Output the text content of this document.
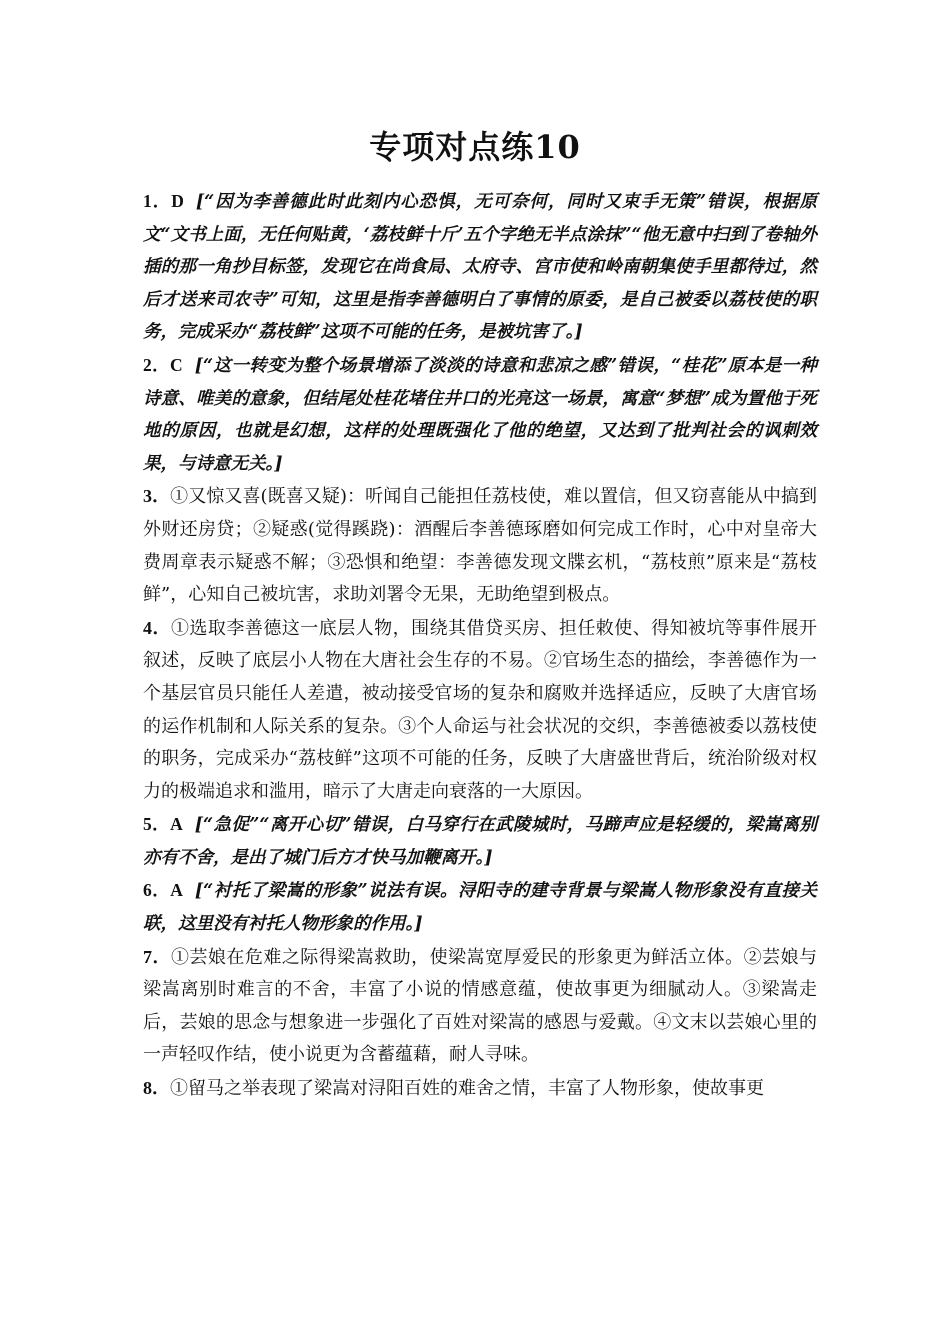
专项对点练10

1．D [“因为李善德此时此刻内心恐惧，无可奈何，同时又束手无策”错误，根据原文“文书上面，无任何贴黄，‘荔枝鲜十斤’五个字绝无半点涂抹”“他无意中扫到了卷轴外插的那一角抄目标签，发现它在尚食局、太府寺、宫市使和岭南朝集使手里都待过，然后才送来司农寺”可知，这里是指李善德明白了事情的原委，是自己被委以荔枝使的职务，完成采办“荔枝鲜”这项不可能的任务，是被坑害了。]

2．C [“这一转变为整个场景增添了淡淡的诗意和悲凉之感”错误，“桂花”原本是一种诗意、唯美的意象，但结尾处桂花堵住井口的光亮这一场景，寓意“梦想”成为置他于死地的原因，也就是幻想，这样的处理既强化了他的绝望，又达到了批判社会的讽刺效果，与诗意无关。]

3．①又惊又喜(既喜又疑)：听闻自己能担任荔枝使，难以置信，但又窃喜能从中搞到外财还房贷；②疑惑(觉得蹊跷)：酒醒后李善德琢磨如何完成工作时，心中对皇帝大费周章表示疑惑不解；③恐惧和绝望：李善德发现文牒玄机，“荔枝煎”原来是“荔枝鲜”，心知自己被坑害，求助刘署令无果，无助绝望到极点。

4．①选取李善德这一底层人物，围绕其借贷买房、担任敕使、得知被坑等事件展开叙述，反映了底层小人物在大唐社会生存的不易。②官场生态的描绘，李善德作为一个基层官员只能任人差遣，被动接受官场的复杂和腐败并选择适应，反映了大唐官场的运作机制和人际关系的复杂。③个人命运与社会状况的交织，李善德被委以荔枝使的职务，完成采办“荔枝鲜”这项不可能的任务，反映了大唐盛世背后，统治阶级对权力的极端追求和滥用，暗示了大唐走向衰落的一大原因。

5．A [“急促”“离开心切”错误，白马穿行在武陵城时，马蹄声应是轻缓的，梁嵩离别亦有不舍，是出了城门后方才快马加鞭离开。]

6．A [“衬托了梁嵩的形象”说法有误。浔阳寺的建寺背景与梁嵩人物形象没有直接关联，这里没有衬托人物形象的作用。]

7．①芸娘在危难之际得梁嵩救助，使梁嵩宽厚爱民的形象更为鲜活立体。②芸娘与梁嵩离别时难言的不舍，丰富了小说的情感意蕴，使故事更为细腻动人。③梁嵩走后，芸娘的思念与想象进一步强化了百姓对梁嵩的感恩与爱戴。④文末以芸娘心里的一声轻叹作结，使小说更为含蓄蕴藉，耐人寻味。

8．①留马之举表现了梁嵩对浔阳百姓的难舍之情，丰富了人物形象，使故事更
